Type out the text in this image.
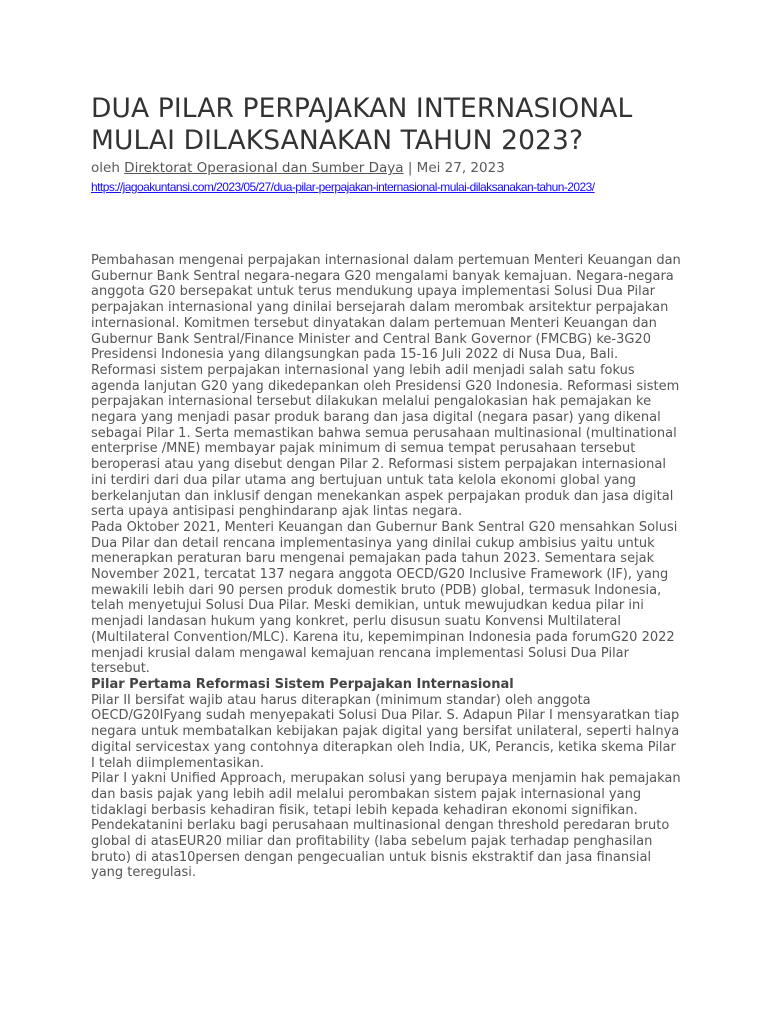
DUA PILAR PERPAJAKAN INTERNASIONAL MULAI DILAKSANAKAN TAHUN 2023?
oleh Direktorat Operasional dan Sumber Daya | Mei 27, 2023
https://jagoakuntansi.com/2023/05/27/dua-pilar-perpajakan-internasional-mulai-dilaksanakan-tahun-2023/

Pembahasan mengenai perpajakan internasional dalam pertemuan Menteri Keuangan dan Gubernur Bank Sentral negara-negara G20 mengalami banyak kemajuan. Negara-negara anggota G20 bersepakat untuk terus mendukung upaya implementasi Solusi Dua Pilar perpajakan internasional yang dinilai bersejarah dalam merombak arsitektur perpajakan internasional. Komitmen tersebut dinyatakan dalam pertemuan Menteri Keuangan dan Gubernur Bank Sentral/Finance Minister and Central Bank Governor (FMCBG) ke-3G20 Presidensi Indonesia yang dilangsungkan pada 15-16 Juli 2022 di Nusa Dua, Bali.

Reformasi sistem perpajakan internasional yang lebih adil menjadi salah satu fokus agenda lanjutan G20 yang dikedepankan oleh Presidensi G20 Indonesia. Reformasi sistem perpajakan internasional tersebut dilakukan melalui pengalokasian hak pemajakan ke negara yang menjadi pasar produk barang dan jasa digital (negara pasar) yang dikenal sebagai Pilar 1. Serta memastikan bahwa semua perusahaan multinasional (multinational enterprise /MNE) membayar pajak minimum di semua tempat perusahaan tersebut beroperasi atau yang disebut dengan Pilar 2. Reformasi sistem perpajakan internasional ini terdiri dari dua pilar utama ang bertujuan untuk tata kelola ekonomi global yang berkelanjutan dan inklusif dengan menekankan aspek perpajakan produk dan jasa digital serta upaya antisipasi penghindaranp ajak lintas negara.

Pada Oktober 2021, Menteri Keuangan dan Gubernur Bank Sentral G20 mensahkan Solusi Dua Pilar dan detail rencana implementasinya yang dinilai cukup ambisius yaitu untuk menerapkan peraturan baru mengenai pemajakan pada tahun 2023. Sementara sejak November 2021, tercatat 137 negara anggota OECD/G20 Inclusive Framework (IF), yang mewakili lebih dari 90 persen produk domestik bruto (PDB) global, termasuk Indonesia, telah menyetujui Solusi Dua Pilar. Meski demikian, untuk mewujudkan kedua pilar ini menjadi landasan hukum yang konkret, perlu disusun suatu Konvensi Multilateral (Multilateral Convention/MLC). Karena itu, kepemimpinan Indonesia pada forumG20 2022 menjadi krusial dalam mengawal kemajuan rencana implementasi Solusi Dua Pilar tersebut.

Pilar Pertama Reformasi Sistem Perpajakan Internasional

Pilar II bersifat wajib atau harus diterapkan (minimum standar) oleh anggota OECD/G20IFyang sudah menyepakati Solusi Dua Pilar. S. Adapun Pilar I mensyaratkan tiap negara untuk membatalkan kebijakan pajak digital yang bersifat unilateral, seperti halnya digital servicestax yang contohnya diterapkan oleh India, UK, Perancis, ketika skema Pilar I telah diimplementasikan.

Pilar I yakni Unified Approach, merupakan solusi yang berupaya menjamin hak pemajakan dan basis pajak yang lebih adil melalui perombakan sistem pajak internasional yang tidaklagi berbasis kehadiran fisik, tetapi lebih kepada kehadiran ekonomi signifikan. Pendekatanini berlaku bagi perusahaan multinasional dengan threshold peredaran bruto global di atasEUR20 miliar dan profitability (laba sebelum pajak terhadap penghasilan bruto) di atas10persen dengan pengecualian untuk bisnis ekstraktif dan jasa finansial yang teregulasi.
